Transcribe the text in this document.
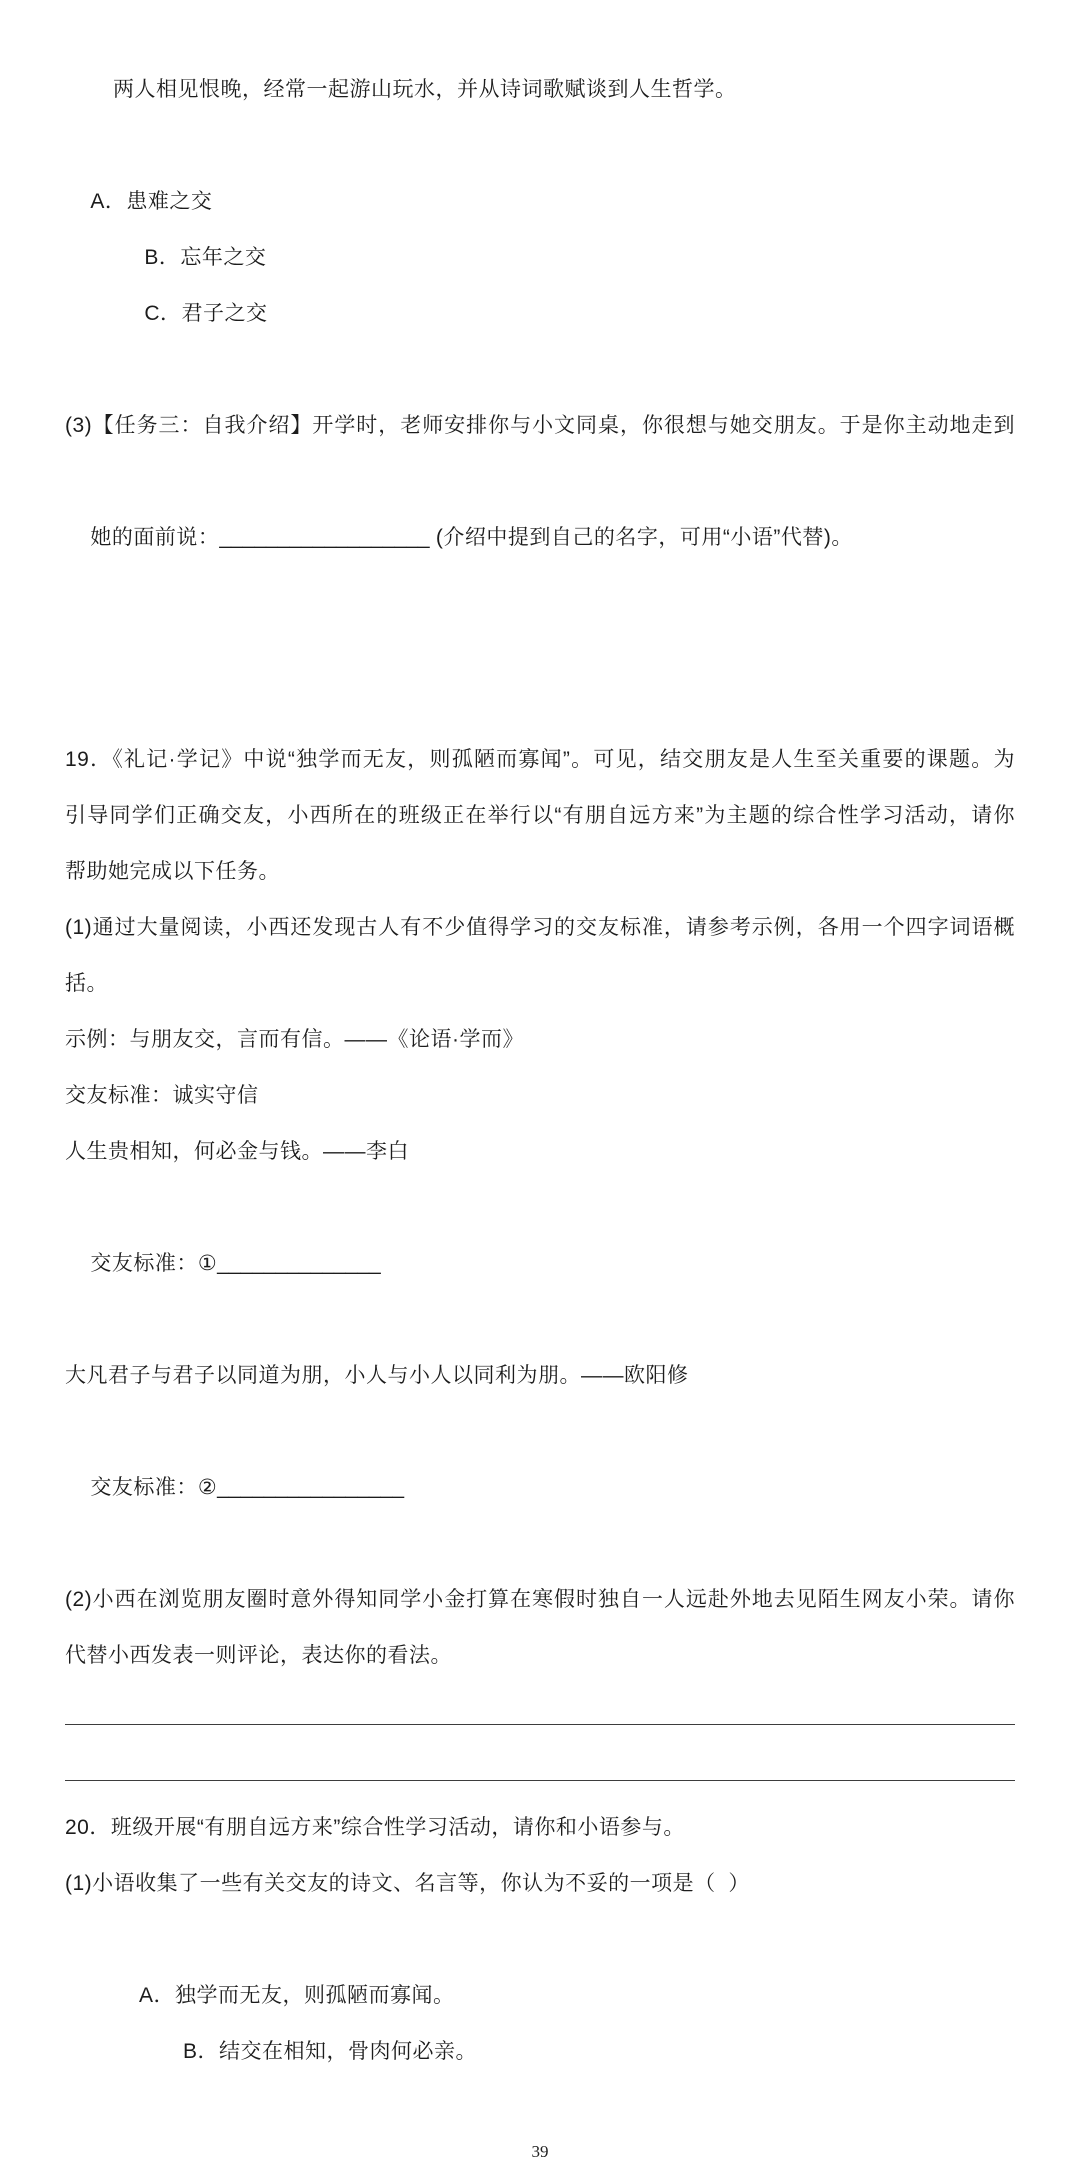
两人相见恨晚，经常一起游山玩水，并从诗词歌赋谈到人生哲学。

A．患难之交
B．忘年之交
C．君子之交

(3)【任务三：自我介绍】开学时，老师安排你与小文同桌，你很想与她交朋友。于是你主动地走到

她的面前说：__________________ (介绍中提到自己的名字，可用“小语”代替)。

19．《礼记·学记》中说“独学而无友，则孤陋而寡闻”。可见，结交朋友是人生至关重要的课题。为
引导同学们正确交友，小西所在的班级正在举行以“有朋自远方来”为主题的综合性学习活动，请你
帮助她完成以下任务。
(1)通过大量阅读，小西还发现古人有不少值得学习的交友标准，请参考示例，各用一个四字词语概
括。
示例：与朋友交，言而有信。——《论语·学而》
交友标准：诚实守信
人生贵相知，何必金与钱。——李白

交友标准：①______________

大凡君子与君子以同道为朋，小人与小人以同利为朋。——欧阳修

交友标准：②________________

(2)小西在浏览朋友圈时意外得知同学小金打算在寒假时独自一人远赴外地去见陌生网友小荣。请你
代替小西发表一则评论，表达你的看法。
20．班级开展“有朋自远方来”综合性学习活动，请你和小语参与。
(1)小语收集了一些有关交友的诗文、名言等，你认为不妥的一项是（  ）

A．独学而无友，则孤陋而寡闻。
B．结交在相知，骨肉何必亲。

39
